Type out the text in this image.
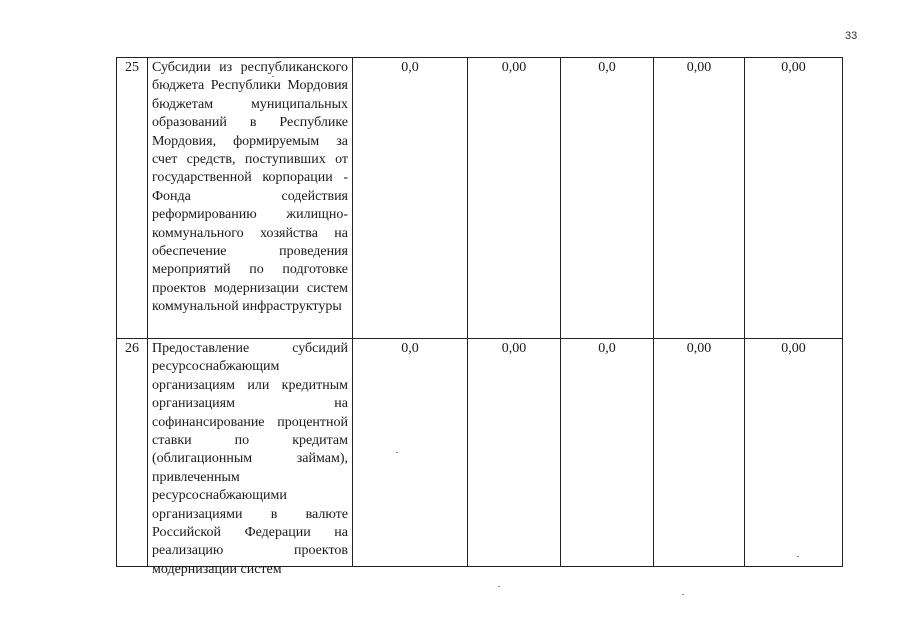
33
25	Субсидии из республиканского бюджета Республики Мордовия бюджетам муниципальных образований в Республике Мордовия, формируемым за счет средств, поступивших от государственной корпорации - Фонда содействия реформированию жилищно-коммунального хозяйства на обеспечение проведения мероприятий по подготовке проектов модернизации систем коммунальной инфраструктуры	0,0	0,00	0,0	0,00	0,00
26	Предоставление субсидий ресурсоснабжающим организациям или кредитным организациям на софинансирование процентной ставки по кредитам (облигационным займам), привлеченным ресурсоснабжающими организациями в валюте Российской Федерации на реализацию проектов модернизации систем	0,0	0,00	0,0	0,00	0,00
